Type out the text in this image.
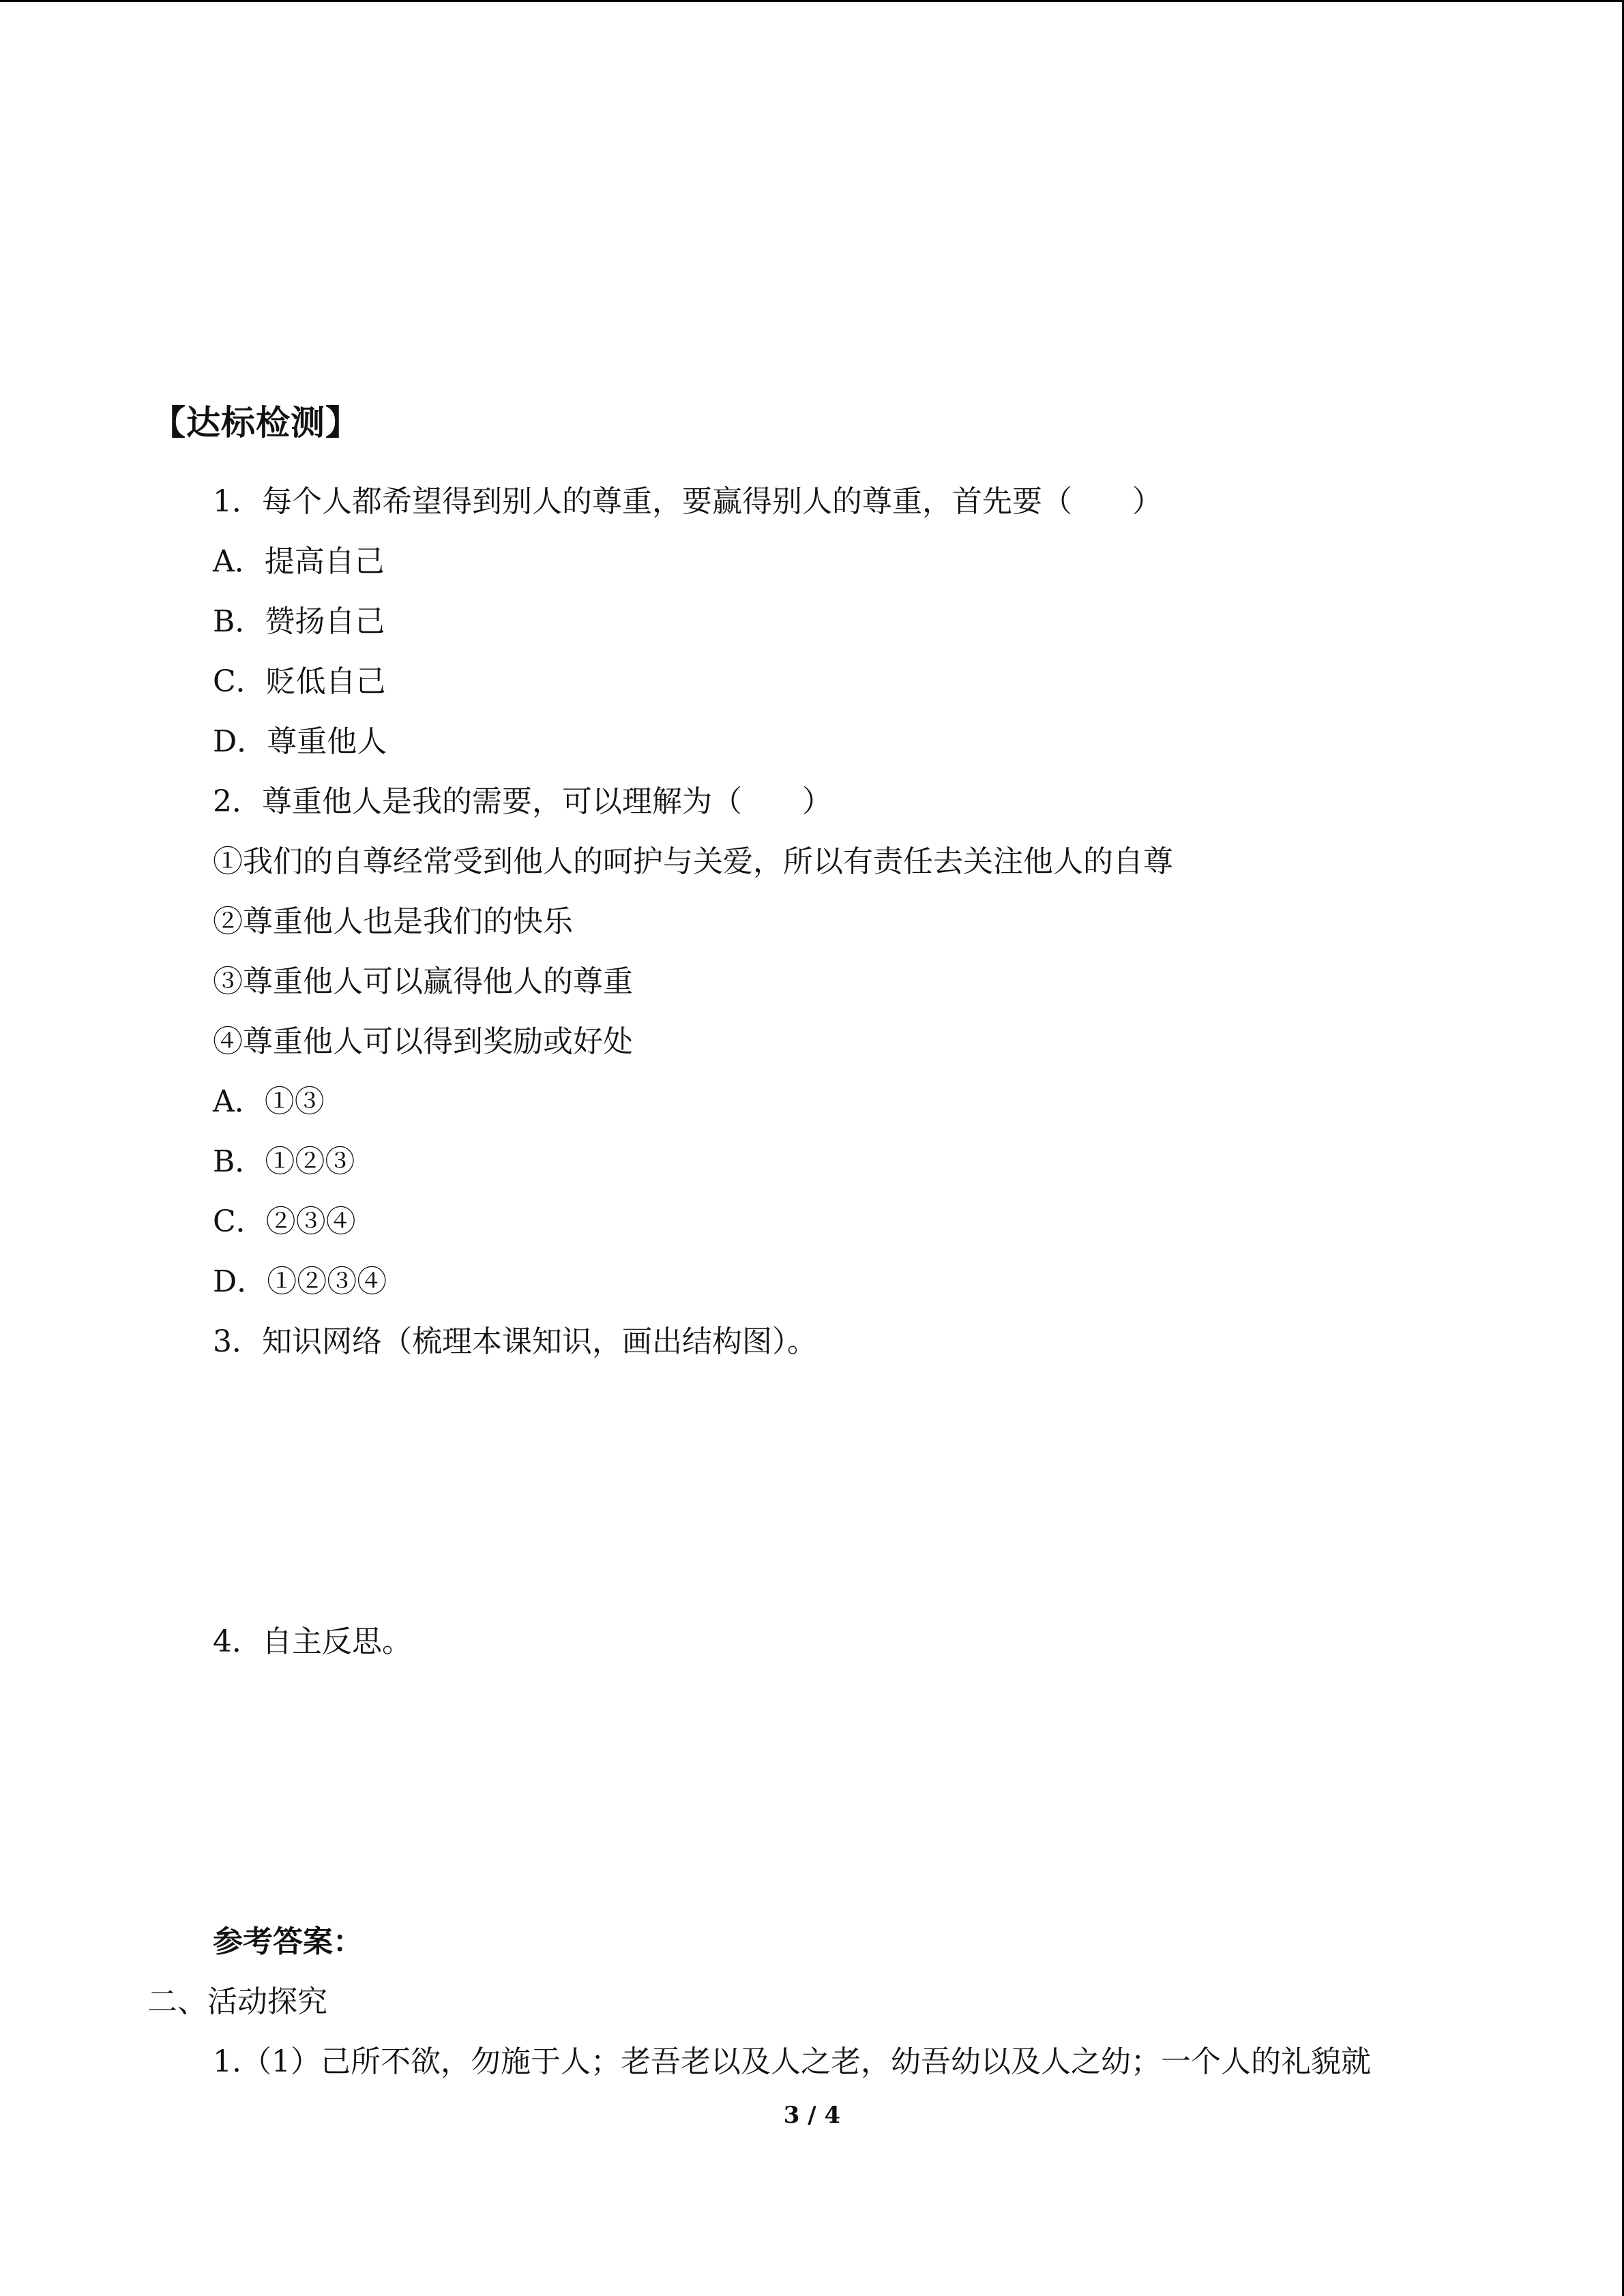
【达标检测】
1．每个人都希望得到别人的尊重，要赢得别人的尊重，首先要（　　）
A．提高自己
B．赞扬自己
C．贬低自己
D．尊重他人
2．尊重他人是我的需要，可以理解为（　　）
①我们的自尊经常受到他人的呵护与关爱，所以有责任去关注他人的自尊
②尊重他人也是我们的快乐
③尊重他人可以赢得他人的尊重
④尊重他人可以得到奖励或好处
A．①③
B．①②③
C．②③④
D．①②③④
3．知识网络（梳理本课知识，画出结构图）。
4．自主反思。
参考答案：
二、活动探究
1.（1）己所不欲，勿施于人；老吾老以及人之老，幼吾幼以及人之幼；一个人的礼貌就
3 / 4
